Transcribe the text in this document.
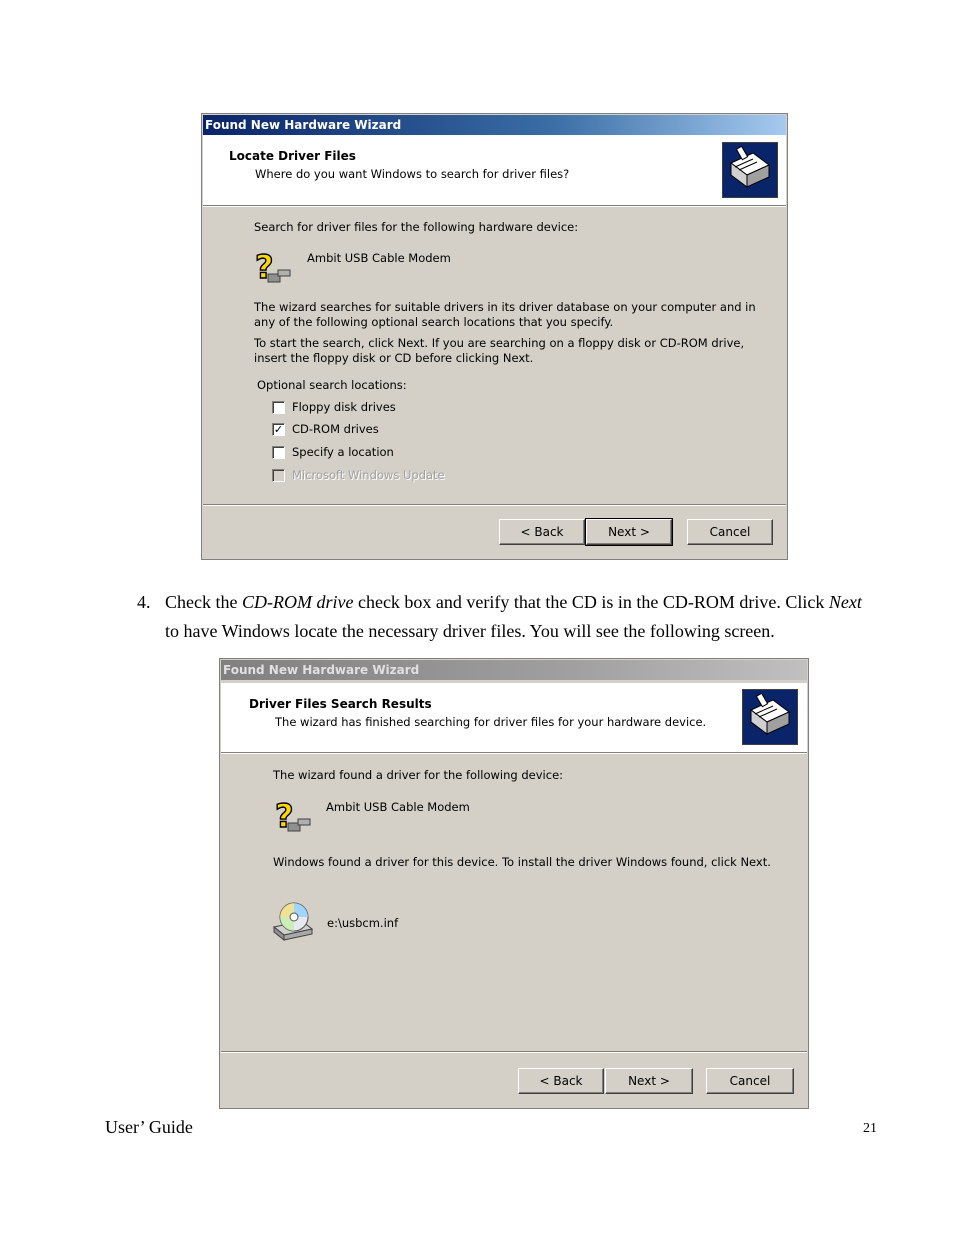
Found New Hardware Wizard
Locate Driver Files
Where do you want Windows to search for driver files?
Search for driver files for the following hardware device:
?	Ambit USB Cable Modem
The wizard searches for suitable drivers in its driver database on your computer and in
any of the following optional search locations that you specify.
To start the search, click Next. If you are searching on a floppy disk or CD-ROM drive,
insert the floppy disk or CD before clicking Next.
Optional search locations:
Floppy disk drives
✓ CD-ROM drives
Specify a location
Microsoft Windows Update
< Back	Next >	Cancel
4. Check the CD-ROM drive check box and verify that the CD is in the CD-ROM drive. Click Next
to have Windows locate the necessary driver files. You will see the following screen.
Found New Hardware Wizard
Driver Files Search Results
The wizard has finished searching for driver files for your hardware device.
The wizard found a driver for the following device:
?	Ambit USB Cable Modem
Windows found a driver for this device. To install the driver Windows found, click Next.
e:\usbcm.inf
< Back	Next >	Cancel
User’ Guide	21
